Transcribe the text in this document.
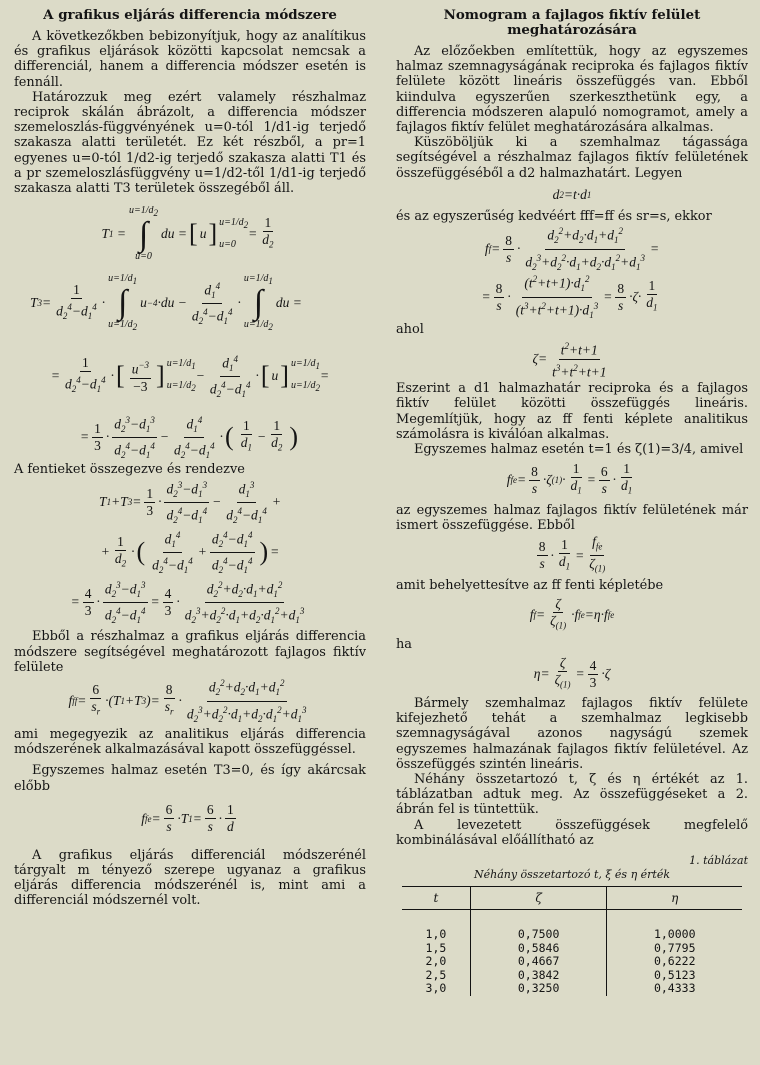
A grafikus eljárás differencia módszere

A következőkben bebizonyítjuk, hogy az analítikus és grafikus eljárások közötti kapcsolat nemcsak a differenciál, hanem a differencia módszer esetén is fennáll.

Határozzuk meg ezért valamely részhalmaz reciprok skálán ábrázolt, a differencia módszer szemeloszlás-függvényének u=0-tól 1/d1-ig terjedő szakasza alatti területét. Ez két részből, a pr=1 egyenes u=0-tól 1/d2-ig terjedő szakasza alatti T1 és a pr szemeloszlásfüggvény u=1/d2-től 1/d1-ig terjedő szakasza alatti T3 területek összegéből áll.

T 1 =
$u=1/d_2$
∫
u=0
du = [ u ] $u=1/d_2$

u=0
=
1
$d_2$
T 3 =
1
$d_2^4-d_1^4$ ·
$u=1/d_1$
∫
$u=1/d_2$
u −4 ·du −
$d_1^4$
$d_2^4-d_1^4$
·
$u=1/d_1$
∫
$u=1/d_2$
du =
=
1
$d_2^4-d_1^4$ · [ $u^{-3}$
−3 ] $u=1/d_1$

$u=1/d_2$
−
$d_1^4$
$d_2^4-d_1^4$
· [ u ] $u=1/d_1$

$u=1/d_2$
=
=
1
3
·
$d_2^3-d_1^3$
$d_2^4-d_1^4$
−
$d_1^4$
$d_2^4-d_1^4$
· ( 1
$d_1$
−
1
$d_2$ )

A fentieket összegezve és rendezve

T 1 +T 3 =
1
3
·
$d_2^3-d_1^3$
$d_2^4-d_1^4$
−
$d_1^3$
$d_2^4-d_1^4$
+
+
1
$d_2$
· ( $d_1^4$
$d_2^4-d_1^4$
+
$d_2^4-d_1^4$
$d_2^4-d_1^4$ ) =
=
4
3
·
$d_2^3-d_1^3$
$d_2^4-d_1^4$
=
4
3
·
$d_2^2+d_2\cdot d_1+d_1^2$
$d_2^3+d_2^2\cdot d_1+d_2\cdot d_1^2+d_1^3$

Ebből a részhalmaz a grafikus eljárás differencia módszere segítségével meghatározott fajlagos fiktív felülete

f ff =
6
$s_r$
·(T 1 +T 3 )=
8
$s_r$
·
$d_2^2+d_2\cdot d_1+d_1^2$
$d_2^3+d_2^2\cdot d_1+d_2\cdot d_1^2+d_1^3$

ami megegyezik az analitikus eljárás differencia módszerének alkalmazásával kapott összefüggéssel.

Egyszemes halmaz esetén T3=0, és így akárcsak előbb

f fe =
6
s
·T 1 =
6
s
·
1
d

A grafikus eljárás differenciál módszerénél tárgyalt m tényező szerepe ugyanaz a grafikus eljárás differencia módszerénél is, mint ami a differenciál módszernél volt.

Nomogram a fajlagos fiktív felület meghatározására

Az előzőekben említettük, hogy az egyszemes halmaz szemnagyságának reciproka és fajlagos fiktív felülete között lineáris összefüggés van. Ebből kiindulva egyszerűen szerkeszthetünk egy, a differencia módszeren alapuló nomogramot, amely a fajlagos fiktív felület meghatározására alkalmas.

Küszöböljük ki a szemhalmaz tágassága segítségével a részhalmaz fajlagos fiktív felületének összefüggéséből a d2 halmazhatárt. Legyen

d 2 =t·d 1

és az egyszerűség kedvéért fff=ff és sr=s, ekkor

f f =
8
s
·
$d_2^2+d_2\cdot d_1+d_1^2$
$d_2^3+d_2^2\cdot d_1+d_2\cdot d_1^2+d_1^3$
=
=
8
s
·
$(t^2+t+1)\cdot d_1^2$
$(t^3+t^2+t+1)\cdot d_1^3$
=
8
s
·ζ·
1
$d_1$

ahol

ζ=
$t^2+t+1$
$t^3+t^2+t+1$

Eszerint a d1 halmazhatár reciproka és a fajlagos fiktív felület közötti összefüggés lineáris. Megemlítjük, hogy az ff fenti képlete analitikus számolásra is kiválóan alkalmas.

Egyszemes halmaz esetén t=1 és ζ(1)=3/4, amivel

f fe =
8
s
·ζ (1) ·
1
$d_1$
=
6
s
·
1
$d_1$

az egyszemes halmaz fajlagos fiktív felületének már ismert összefüggése. Ebből

8
s
·
1
$d_1$
=
$f_{fe}$
$\zeta_{(1)}$

amit behelyettesítve az ff fenti képletébe

f f =
ζ
$\zeta_{(1)}$
·f fe =η·f fe

ha

η=
ζ
$\zeta_{(1)}$
=
4
3
·ζ

Bármely szemhalmaz fajlagos fiktív felülete kifejezhető tehát a szemhalmaz legkisebb szemnagyságával azonos nagyságú szemek egyszemes halmazának fajlagos fiktív felületével. Az összefüggés szintén lineáris.

Néhány összetartozó t, ζ és η értékét az 1. táblázatban adtuk meg. Az összefüggéseket a 2. ábrán fel is tüntettük.

A levezetett összefüggések megfelelő kombinálásával előállítható az

1. táblázat
Néhány összetartozó t, ξ és η érték
t	ζ	η
1,0	0,7500	1,0000
1,5	0,5846	0,7795
2,0	0,4667	0,6222
2,5	0,3842	0,5123
3,0	0,3250	0,4333
